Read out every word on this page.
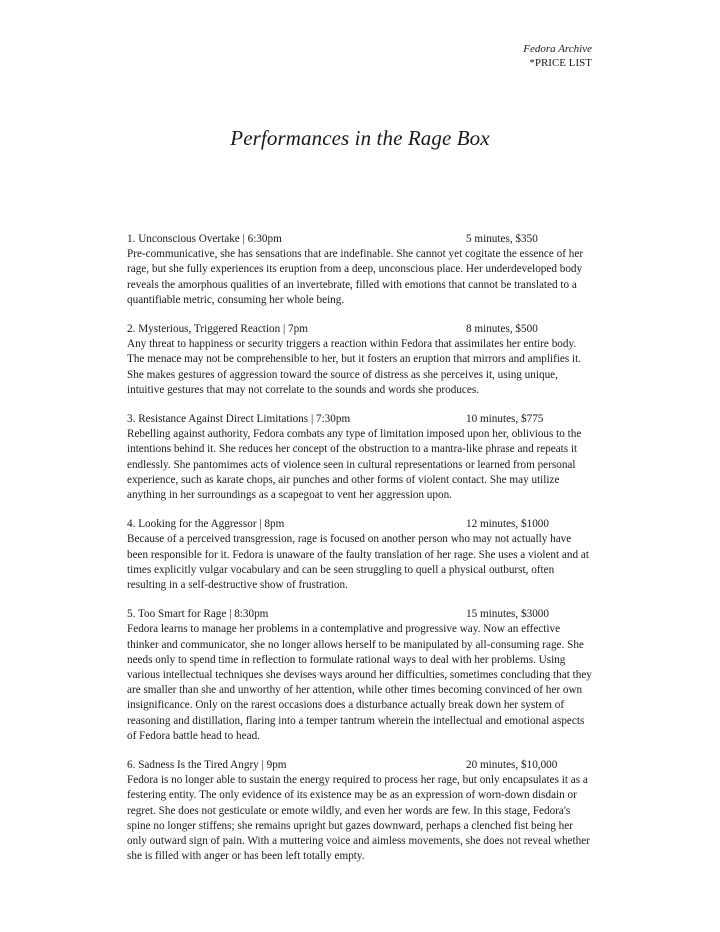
Fedora Archive
*PRICE LIST
Performances in the Rage Box
1. Unconscious Overtake | 6:30pm	5 minutes, $350
Pre-communicative, she has sensations that are indefinable. She cannot yet cogitate the essence of her rage, but she fully experiences its eruption from a deep, unconscious place. Her underdeveloped body reveals the amorphous qualities of an invertebrate, filled with emotions that cannot be translated to a quantifiable metric, consuming her whole being.
2. Mysterious, Triggered Reaction | 7pm	8 minutes, $500
Any threat to happiness or security triggers a reaction within Fedora that assimilates her entire body. The menace may not be comprehensible to her, but it fosters an eruption that mirrors and amplifies it. She makes gestures of aggression toward the source of distress as she perceives it, using unique, intuitive gestures that may not correlate to the sounds and words she produces.
3. Resistance Against Direct Limitations | 7:30pm	10 minutes, $775
Rebelling against authority, Fedora combats any type of limitation imposed upon her, oblivious to the intentions behind it. She reduces her concept of the obstruction to a mantra-like phrase and repeats it endlessly. She pantomimes acts of violence seen in cultural representations or learned from personal experience, such as karate chops, air punches and other forms of violent contact. She may utilize anything in her surroundings as a scapegoat to vent her aggression upon.
4. Looking for the Aggressor | 8pm	12 minutes, $1000
Because of a perceived transgression, rage is focused on another person who may not actually have been responsible for it. Fedora is unaware of the faulty translation of her rage. She uses a violent and at times explicitly vulgar vocabulary and can be seen struggling to quell a physical outburst, often resulting in a self-destructive show of frustration.
5. Too Smart for Rage | 8:30pm	15 minutes, $3000
Fedora learns to manage her problems in a contemplative and progressive way. Now an effective thinker and communicator, she no longer allows herself to be manipulated by all-consuming rage. She needs only to spend time in reflection to formulate rational ways to deal with her problems. Using various intellectual techniques she devises ways around her difficulties, sometimes concluding that they are smaller than she and unworthy of her attention, while other times becoming convinced of her own insignificance. Only on the rarest occasions does a disturbance actually break down her system of reasoning and distillation, flaring into a temper tantrum wherein the intellectual and emotional aspects of Fedora battle head to head.
6. Sadness Is the Tired Angry | 9pm	20 minutes, $10,000
Fedora is no longer able to sustain the energy required to process her rage, but only encapsulates it as a festering entity. The only evidence of its existence may be as an expression of worn-down disdain or regret. She does not gesticulate or emote wildly, and even her words are few. In this stage, Fedora's spine no longer stiffens; she remains upright but gazes downward, perhaps a clenched fist being her only outward sign of pain. With a muttering voice and aimless movements, she does not reveal whether she is filled with anger or has been left totally empty.
